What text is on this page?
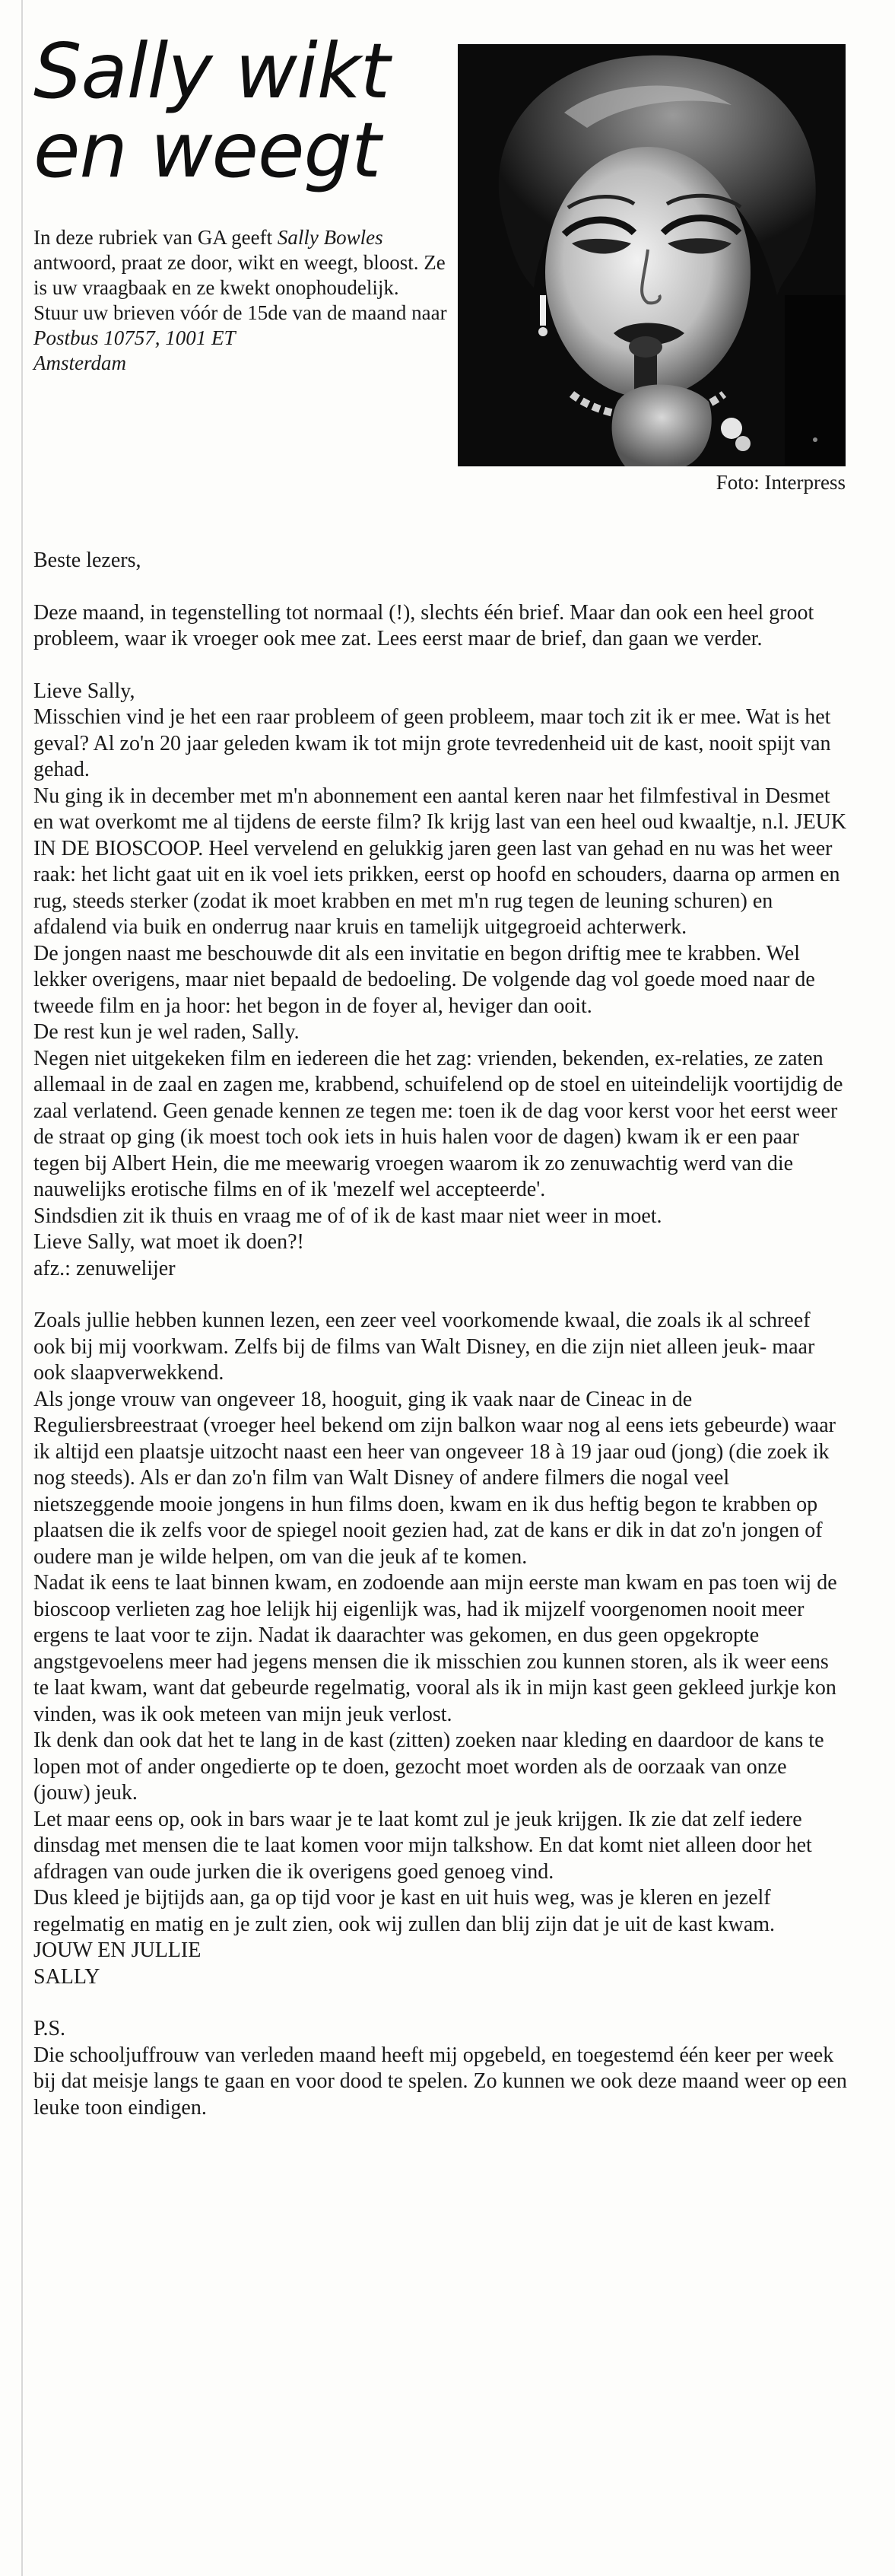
Sally wikt en weegt

In deze rubriek van GA geeft Sally Bowles antwoord, praat ze door, wikt en weegt, bloost. Ze is uw vraagbaak en ze kwekt onophoudelijk.

Stuur uw brieven vóór de 15de van de maand naar

Postbus 10757, 1001 ET

Amsterdam

Foto: Interpress

Beste lezers,

Deze maand, in tegenstelling tot normaal (!), slechts één brief. Maar dan ook een heel groot probleem, waar ik vroeger ook mee zat. Lees eerst maar de brief, dan gaan we verder.

Lieve Sally,

Misschien vind je het een raar probleem of geen probleem, maar toch zit ik er mee. Wat is het geval? Al zo'n 20 jaar geleden kwam ik tot mijn grote tevredenheid uit de kast, nooit spijt van gehad.

Nu ging ik in december met m'n abonnement een aantal keren naar het filmfestival in Desmet en wat overkomt me al tijdens de eerste film? Ik krijg last van een heel oud kwaaltje, n.l. JEUK IN DE BIOSCOOP. Heel vervelend en gelukkig jaren geen last van gehad en nu was het weer raak: het licht gaat uit en ik voel iets prikken, eerst op hoofd en schouders, daarna op armen en rug, steeds sterker (zodat ik moet krabben en met m'n rug tegen de leuning schuren) en afdalend via buik en onderrug naar kruis en tamelijk uitgegroeid achterwerk.

De jongen naast me beschouwde dit als een invitatie en begon driftig mee te krabben. Wel lekker overigens, maar niet bepaald de bedoeling. De volgende dag vol goede moed naar de tweede film en ja hoor: het begon in de foyer al, heviger dan ooit.

De rest kun je wel raden, Sally.

Negen niet uitgekeken film en iedereen die het zag: vrienden, bekenden, ex-relaties, ze zaten allemaal in de zaal en zagen me, krabbend, schuifelend op de stoel en uiteindelijk voortijdig de zaal verlatend. Geen genade kennen ze tegen me: toen ik de dag voor kerst voor het eerst weer de straat op ging (ik moest toch ook iets in huis halen voor de dagen) kwam ik er een paar tegen bij Albert Hein, die me meewarig vroegen waarom ik zo zenuwachtig werd van die nauwelijks erotische films en of ik 'mezelf wel accepteerde'.

Sindsdien zit ik thuis en vraag me of of ik de kast maar niet weer in moet.

Lieve Sally, wat moet ik doen?!

afz.: zenuwelijer

Zoals jullie hebben kunnen lezen, een zeer veel voorkomende kwaal, die zoals ik al schreef ook bij mij voorkwam. Zelfs bij de films van Walt Disney, en die zijn niet alleen jeuk- maar ook slaapverwekkend.

Als jonge vrouw van ongeveer 18, hooguit, ging ik vaak naar de Cineac in de Reguliersbreestraat (vroeger heel bekend om zijn balkon waar nog al eens iets gebeurde) waar ik altijd een plaatsje uitzocht naast een heer van ongeveer 18 à 19 jaar oud (jong) (die zoek ik nog steeds). Als er dan zo'n film van Walt Disney of andere filmers die nogal veel nietszeggende mooie jongens in hun films doen, kwam en ik dus heftig begon te krabben op plaatsen die ik zelfs voor de spiegel nooit gezien had, zat de kans er dik in dat zo'n jongen of oudere man je wilde helpen, om van die jeuk af te komen.

Nadat ik eens te laat binnen kwam, en zodoende aan mijn eerste man kwam en pas toen wij de bioscoop verlieten zag hoe lelijk hij eigenlijk was, had ik mijzelf voorgenomen nooit meer ergens te laat voor te zijn. Nadat ik daarachter was gekomen, en dus geen opgekropte angstgevoelens meer had jegens mensen die ik misschien zou kunnen storen, als ik weer eens te laat kwam, want dat gebeurde regelmatig, vooral als ik in mijn kast geen gekleed jurkje kon vinden, was ik ook meteen van mijn jeuk verlost.

Ik denk dan ook dat het te lang in de kast (zitten) zoeken naar kleding en daardoor de kans te lopen mot of ander ongedierte op te doen, gezocht moet worden als de oorzaak van onze (jouw) jeuk.

Let maar eens op, ook in bars waar je te laat komt zul je jeuk krijgen. Ik zie dat zelf iedere dinsdag met mensen die te laat komen voor mijn talkshow. En dat komt niet alleen door het afdragen van oude jurken die ik overigens goed genoeg vind.

Dus kleed je bijtijds aan, ga op tijd voor je kast en uit huis weg, was je kleren en jezelf regelmatig en matig en je zult zien, ook wij zullen dan blij zijn dat je uit de kast kwam.

JOUW EN JULLIE

SALLY

P.S.

Die schooljuffrouw van verleden maand heeft mij opgebeld, en toegestemd één keer per week bij dat meisje langs te gaan en voor dood te spelen. Zo kunnen we ook deze maand weer op een leuke toon eindigen.
